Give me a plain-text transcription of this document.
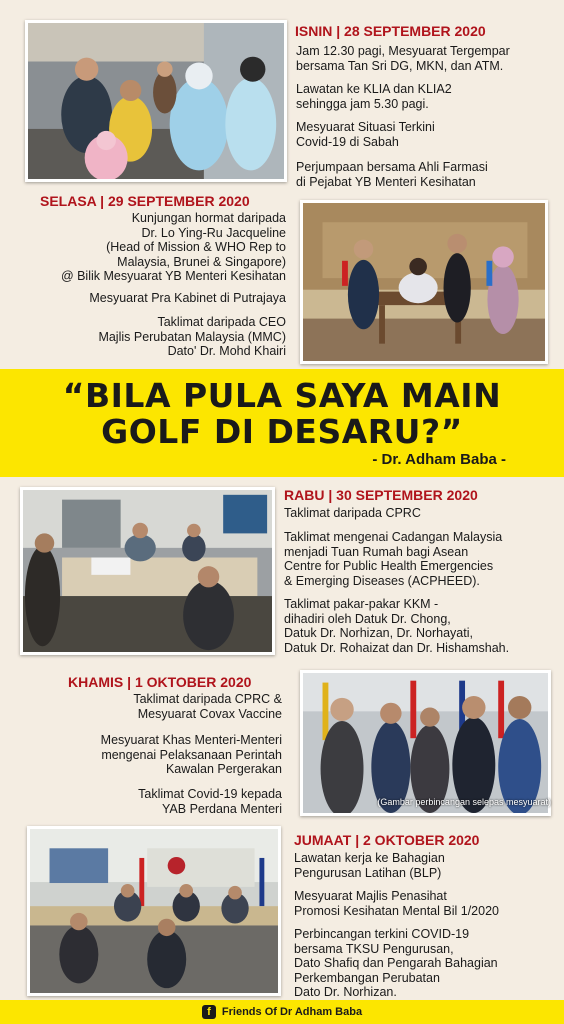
ISNIN | 28 SEPTEMBER 2020
Jam 12.30 pagi, Mesyuarat Tergempar
bersama Tan Sri DG, MKN, dan ATM.
Lawatan ke KLIA dan KLIA2
sehingga jam 5.30 pagi.
Mesyuarat Situasi Terkini
Covid-19 di Sabah
Perjumpaan bersama Ahli Farmasi
di Pejabat YB Menteri Kesihatan
SELASA | 29 SEPTEMBER 2020
Kunjungan hormat daripada
Dr. Lo Ying-Ru Jacqueline
(Head of Mission & WHO Rep to
Malaysia, Brunei & Singapore)
@ Bilik Mesyuarat YB Menteri Kesihatan
Mesyuarat Pra Kabinet di Putrajaya
Taklimat daripada CEO
Majlis Perubatan Malaysia (MMC)
Dato' Dr. Mohd Khairi
“BILA PULA SAYA MAIN
GOLF DI DESARU?”
- Dr. Adham Baba -
RABU | 30 SEPTEMBER 2020
Taklimat daripada CPRC
Taklimat mengenai Cadangan Malaysia
menjadi Tuan Rumah bagi Asean
Centre for Public Health Emergencies
& Emerging Diseases (ACPHEED).
Taklimat pakar-pakar KKM -
dihadiri oleh Datuk Dr. Chong,
Datuk Dr. Norhizan, Dr. Norhayati,
Datuk Dr. Rohaizat dan Dr. Hishamshah.
KHAMIS | 1 OKTOBER 2020
Taklimat daripada CPRC &
Mesyuarat Covax Vaccine
Mesyuarat Khas Menteri-Menteri
mengenai Pelaksanaan Perintah
Kawalan Pergerakan
Taklimat Covid-19 kepada
YAB Perdana Menteri	(Gambar perbincangan selepas mesyuarat)
JUMAAT | 2 OKTOBER 2020
Lawatan kerja ke Bahagian
Pengurusan Latihan (BLP)
Mesyuarat Majlis Penasihat
Promosi Kesihatan Mental Bil 1/2020
Perbincangan terkini COVID-19
bersama TKSU Pengurusan,
Dato Shafiq dan Pengarah Bahagian
Perkembangan Perubatan
Dato Dr. Norhizan.
f	Friends Of Dr Adham Baba
